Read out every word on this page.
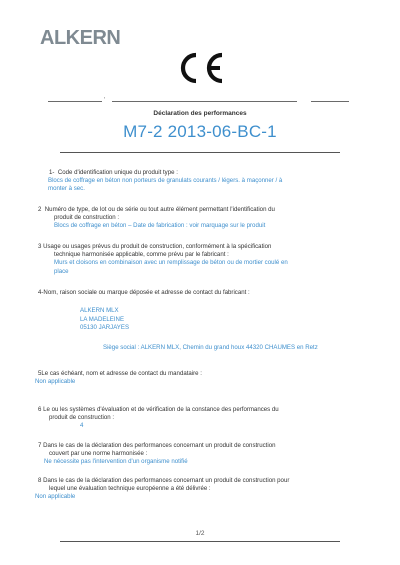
ALKERN
'
Déclaration des performances
M7-2 2013-06-BC-1
1- Code d'identification unique du produit type :
Blocs de coffrage en béton non porteurs de granulats courants / légers. à maçonner / à
monter à sec.
2 Numéro de type, de lot ou de série ou tout autre élément permettant l'identification du
produit de construction :
Blocs de coffrage en béton – Date de fabrication : voir marquage sur le produit
3 Usage ou usages prévus du produit de construction, conformément à la spécification
technique harmonisée applicable, comme prévu par le fabricant :
Murs et cloisons en combinaison avec un remplissage de béton ou de mortier coulé en
place
4-Nom, raison sociale ou marque déposée et adresse de contact du fabricant :
ALKERN MLX
LA MADELEINE
05130 JARJAYES
Siège social : ALKERN MLX, Chemin du grand houx 44320 CHAUMES en Retz
5Le cas échéant, nom et adresse de contact du mandataire :
Non applicable
6 Le ou les systèmes d'évaluation et de vérification de la constance des performances du
produit de construction :
4
7 Dans le cas de la déclaration des performances concernant un produit de construction
couvert par une norme harmonisée :
Ne nécessite pas l'intervention d'un organisme notifié
8 Dans le cas de la déclaration des performances concernant un produit de construction pour
lequel une évaluation technique européenne a été délivrée :
Non applicable
1/2
